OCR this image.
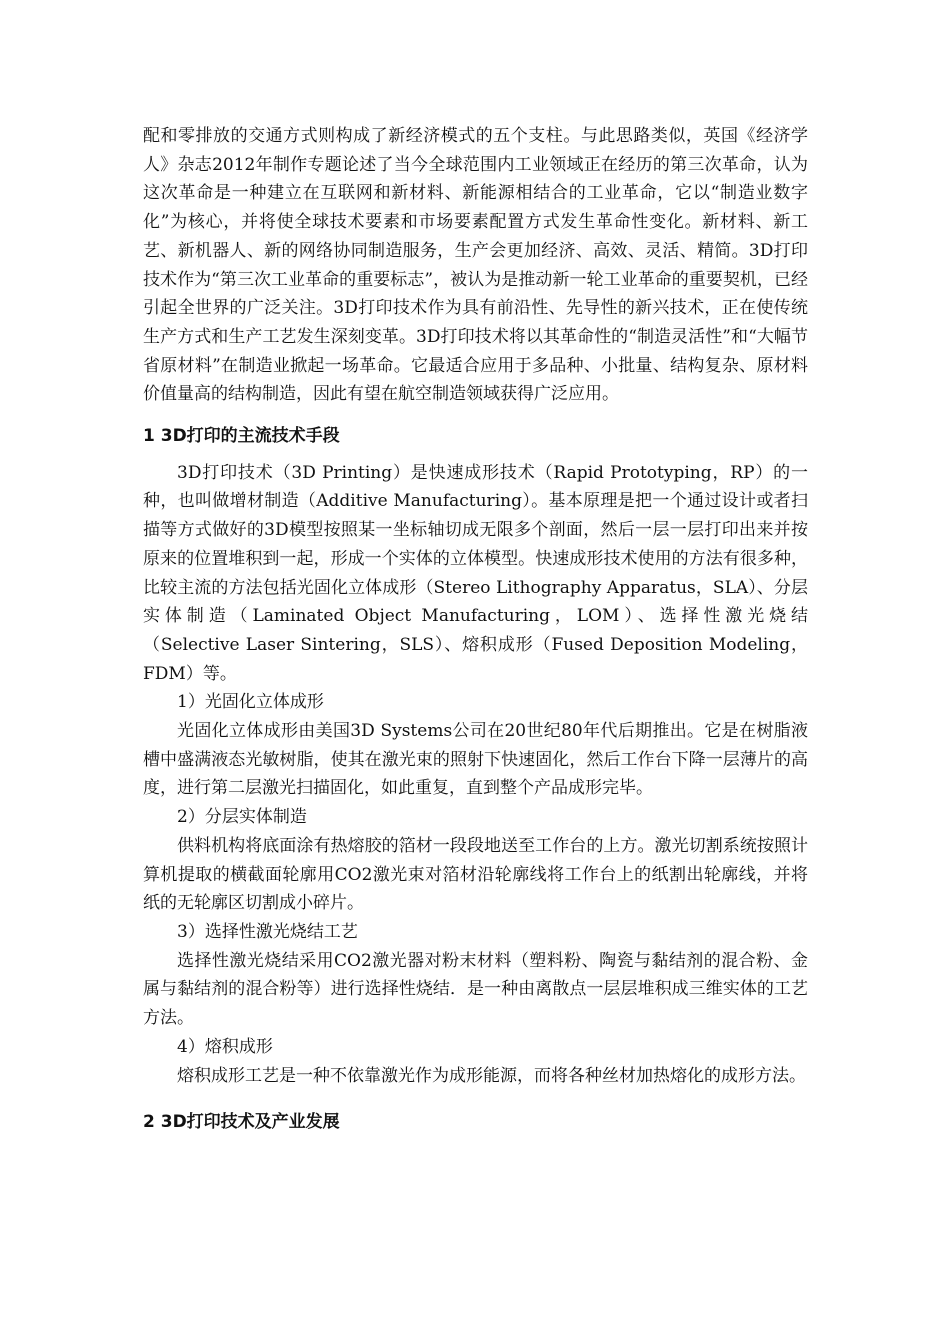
配和零排放的交通方式则构成了新经济模式的五个支柱。与此思路类似，英国《经济学人》杂志2012年制作专题论述了当今全球范围内工业领域正在经历的第三次革命，认为这次革命是一种建立在互联网和新材料、新能源相结合的工业革命，它以“制造业数字化”为核心，并将使全球技术要素和市场要素配置方式发生革命性变化。新材料、新工艺、新机器人、新的网络协同制造服务，生产会更加经济、高效、灵活、精简。3D打印技术作为“第三次工业革命的重要标志”，被认为是推动新一轮工业革命的重要契机，已经引起全世界的广泛关注。3D打印技术作为具有前沿性、先导性的新兴技术，正在使传统生产方式和生产工艺发生深刻变革。3D打印技术将以其革命性的“制造灵活性”和“大幅节省原材料”在制造业掀起一场革命。它最适合应用于多品种、小批量、结构复杂、原材料价值量高的结构制造，因此有望在航空制造领域获得广泛应用。

1 3D打印的主流技术手段

3D打印技术（3D Printing）是快速成形技术（Rapid Prototyping，RP）的一种，也叫做增材制造（Additive Manufacturing）。基本原理是把一个通过设计或者扫描等方式做好的3D模型按照某一坐标轴切成无限多个剖面，然后一层一层打印出来并按原来的位置堆积到一起，形成一个实体的立体模型。快速成形技术使用的方法有很多种，比较主流的方法包括光固化立体成形（Stereo Lithography Apparatus，SLA）、分层实体制造（Laminated Object Manufacturing，LOM）、选择性激光烧结（Selective Laser Sintering，SLS）、熔积成形（Fused Deposition Modeling，FDM）等。

1）光固化立体成形

光固化立体成形由美国3D Systems公司在20世纪80年代后期推出。它是在树脂液槽中盛满液态光敏树脂，使其在激光束的照射下快速固化，然后工作台下降一层薄片的高度，进行第二层激光扫描固化，如此重复，直到整个产品成形完毕。

2）分层实体制造

供料机构将底面涂有热熔胶的箔材一段段地送至工作台的上方。激光切割系统按照计算机提取的横截面轮廓用CO2激光束对箔材沿轮廓线将工作台上的纸割出轮廓线，并将纸的无轮廓区切割成小碎片。

3）选择性激光烧结工艺

选择性激光烧结采用CO2激光器对粉末材料（塑料粉、陶瓷与黏结剂的混合粉、金属与黏结剂的混合粉等）进行选择性烧结．是一种由离散点一层层堆积成三维实体的工艺方法。

4）熔积成形

熔积成形工艺是一种不依靠激光作为成形能源，而将各种丝材加热熔化的成形方法。

2 3D打印技术及产业发展
